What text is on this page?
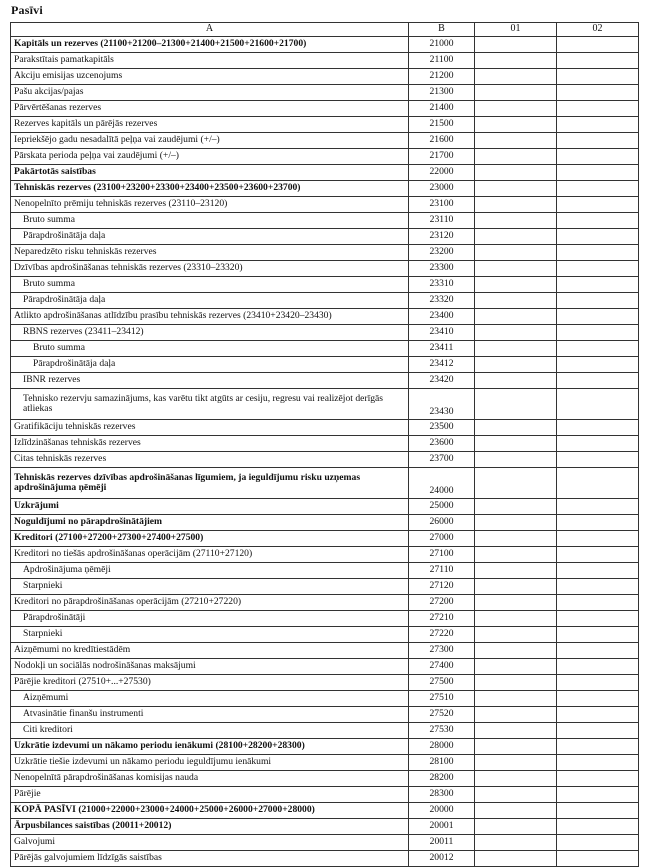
Pasīvi
A	B	01	02
Kapitāls un rezerves (21100+21200–21300+21400+21500+21600+21700)	21000		
Parakstītais pamatkapitāls	21100		
Akciju emisijas uzcenojums	21200		
Pašu akcijas/pajas	21300		
Pārvērtēšanas rezerves	21400		
Rezerves kapitāls un pārējās rezerves	21500		
Iepriekšējo gadu nesadalītā peļņa vai zaudējumi (+/–)	21600		
Pārskata perioda peļņa vai zaudējumi (+/–)	21700		
Pakārtotās saistības	22000		
Tehniskās rezerves (23100+23200+23300+23400+23500+23600+23700)	23000		
Nenopelnīto prēmiju tehniskās rezerves (23110–23120)	23100		
Bruto summa	23110		
Pārapdrošinātāja daļa	23120		
Neparedzēto risku tehniskās rezerves	23200		
Dzīvības apdrošināšanas tehniskās rezerves (23310–23320)	23300		
Bruto summa	23310		
Pārapdrošinātāja daļa	23320		
Atlikto apdrošināšanas atlīdzību prasību tehniskās rezerves (23410+23420–23430)	23400		
RBNS rezerves (23411–23412)	23410		
Bruto summa	23411		
Pārapdrošinātāja daļa	23412		
IBNR rezerves	23420		
Tehnisko rezervju samazinājums, kas varētu tikt atgūts ar cesiju, regresu vai realizējot derīgās atliekas	23430		
Gratifikāciju tehniskās rezerves	23500		
Izlīdzināšanas tehniskās rezerves	23600		
Citas tehniskās rezerves	23700		
Tehniskās rezerves dzīvības apdrošināšanas līgumiem, ja ieguldījumu risku uzņemas apdrošinājuma ņēmēji	24000		
Uzkrājumi	25000		
Noguldījumi no pārapdrošinātājiem	26000		
Kreditori (27100+27200+27300+27400+27500)	27000		
Kreditori no tiešās apdrošināšanas operācijām (27110+27120)	27100		
Apdrošinājuma ņēmēji	27110		
Starpnieki	27120		
Kreditori no pārapdrošināšanas operācijām (27210+27220)	27200		
Pārapdrošinātāji	27210		
Starpnieki	27220		
Aizņēmumi no kredītiestādēm	27300		
Nodokļi un sociālās nodrošināšanas maksājumi	27400		
Pārējie kreditori (27510+...+27530)	27500		
Aizņēmumi	27510		
Atvasinātie finanšu instrumenti	27520		
Citi kreditori	27530		
Uzkrātie izdevumi un nākamo periodu ienākumi (28100+28200+28300)	28000		
Uzkrātie tiešie izdevumi un nākamo periodu ieguldījumu ienākumi	28100		
Nenopelnītā pārapdrošināšanas komisijas nauda	28200		
Pārējie	28300		
KOPĀ PASĪVI (21000+22000+23000+24000+25000+26000+27000+28000)	20000		
Ārpusbilances saistības (20011+20012)	20001		
Galvojumi	20011		
Pārējās galvojumiem līdzīgās saistības	20012		
